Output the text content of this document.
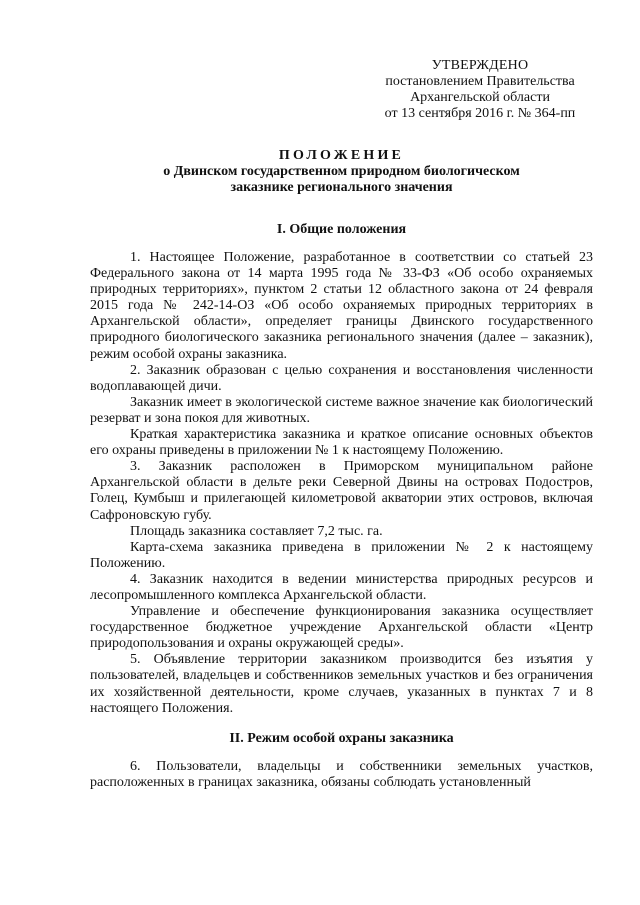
УТВЕРЖДЕНО
постановлением Правительства
Архангельской области
от 13 сентября 2016 г. № 364-пп
ПОЛОЖЕНИЕ
о Двинском государственном природном биологическом
заказнике регионального значения
I. Общие положения

1. Настоящее Положение, разработанное в соответствии со статьей 23 Федерального закона от 14 марта 1995 года № 33-ФЗ «Об особо охраняемых природных территориях», пунктом 2 статьи 12 областного закона от 24 февраля 2015 года № 242-14-ОЗ «Об особо охраняемых природных территориях в Архангельской области», определяет границы Двинского государственного природного биологического заказника регионального значения (далее – заказник), режим особой охраны заказника.

2. Заказник образован с целью сохранения и восстановления численности водоплавающей дичи.

Заказник имеет в экологической системе важное значение как биологический резерват и зона покоя для животных.

Краткая характеристика заказника и краткое описание основных объектов его охраны приведены в приложении № 1 к настоящему Положению.

3. Заказник расположен в Приморском муниципальном районе Архангельской области в дельте реки Северной Двины на островах Подостров, Голец, Кумбыш и прилегающей километровой акватории этих островов, включая Сафроновскую губу.

Площадь заказника составляет 7,2 тыс. га.

Карта-схема заказника приведена в приложении № 2 к настоящему Положению.

4. Заказник находится в ведении министерства природных ресурсов и лесопромышленного комплекса Архангельской области.

Управление и обеспечение функционирования заказника осуществляет государственное бюджетное учреждение Архангельской области «Центр природопользования и охраны окружающей среды».

5. Объявление территории заказником производится без изъятия у пользователей, владельцев и собственников земельных участков и без ограничения их хозяйственной деятельности, кроме случаев, указанных в пунктах 7 и 8 настоящего Положения.

II. Режим особой охраны заказника

6. Пользователи, владельцы и собственники земельных участков, расположенных в границах заказника, обязаны соблюдать установленный
